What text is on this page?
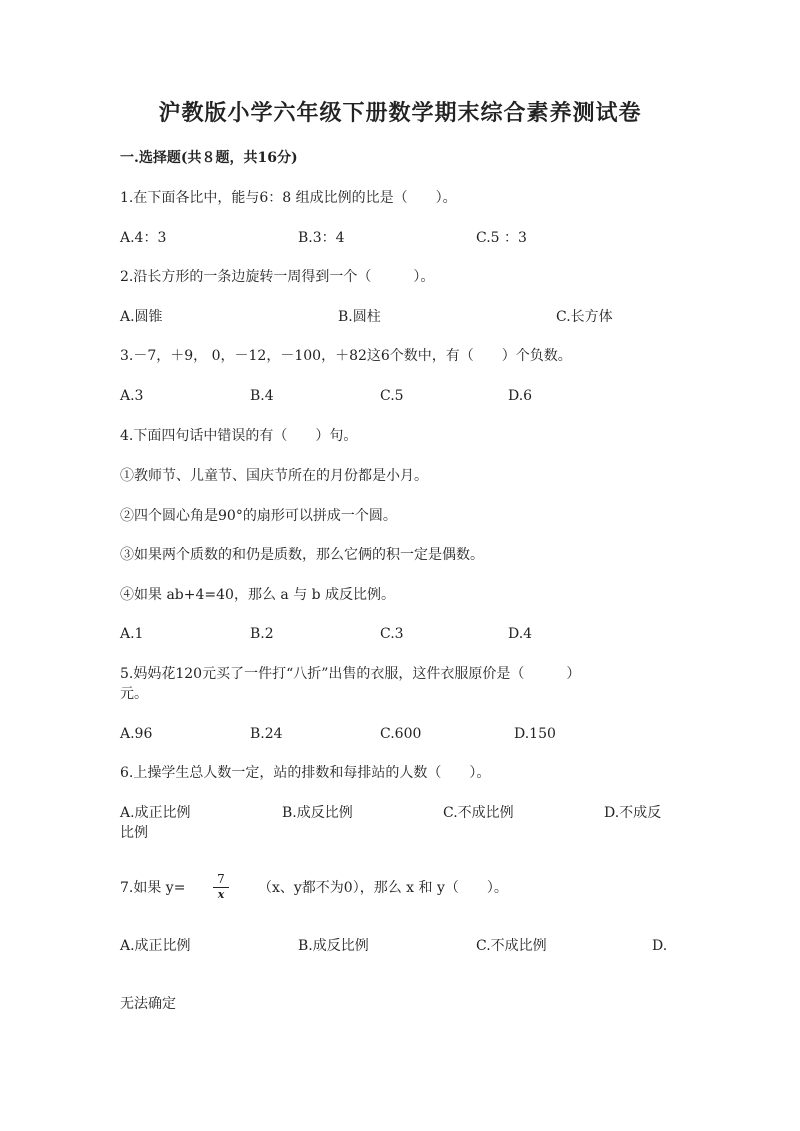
沪教版小学六年级下册数学期末综合素养测试卷
一.选择题(共８题，共16分)
1.在下面各比中，能与6：8 组成比例的比是（　　）。
A.4：3	B.3：4	C.5 ：3
2.沿长方形的一条边旋转一周得到一个（　　　）。
A.圆锥	B.圆柱	C.长方体
3.－7，＋9， 0，－12，－100，＋82这6个数中，有（　　）个负数。
A.3	B.4	C.5	D.6
4.下面四句话中错误的有（　　）句。
①教师节、儿童节、国庆节所在的月份都是小月。
②四个圆心角是90°的扇形可以拼成一个圆。
③如果两个质数的和仍是质数，那么它俩的积一定是偶数。
④如果 ab+4=40，那么 a 与 b 成反比例。
A.1	B.2	C.3	D.4
5.妈妈花120元买了一件打“八折”出售的衣服，这件衣服原价是（　　　）
元。
A.96	B.24	C.600	D.150
6.上操学生总人数一定，站的排数和每排站的人数（　　）。
A.成正比例	B.成反比例	C.不成比例	D.不成反
比例
7.如果 $y= \frac{7}{x} (x$、y都不为0），那么 x 和 y（　　）。
A.成正比例	B.成反比例	C.不成比例	D.
无法确定
